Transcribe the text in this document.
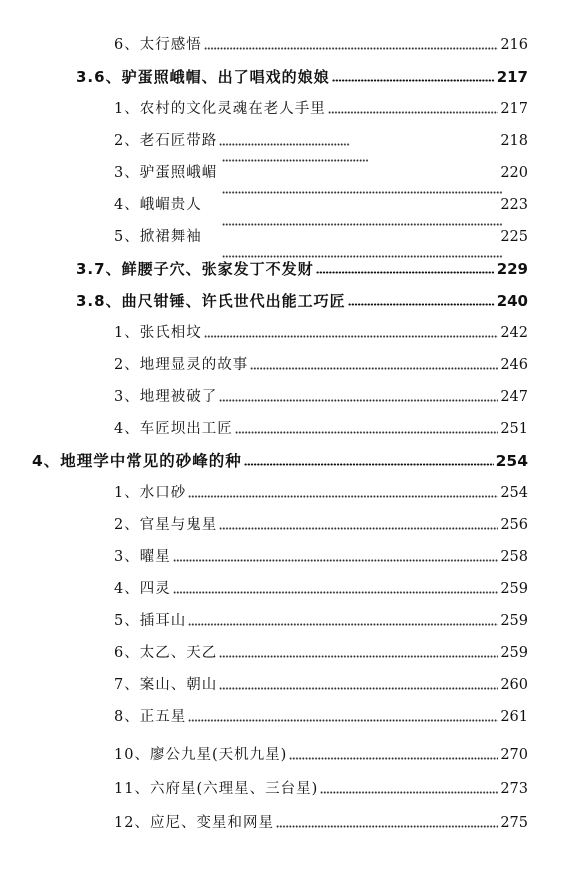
6、太行感悟	216
3.6、驴蛋照峨帽、出了唱戏的娘娘	217
1、农村的文化灵魂在老人手里	217
2、老石匠带路	218
3、驴蛋照峨嵋	220
4、峨嵋贵人	223
5、掀裙舞袖	225
3.7、鲜腰子穴、张家发丁不发财	229
3.8、曲尺钳锤、许氏世代出能工巧匠	240
1、张氏相坟	242
2、地理显灵的故事	246
3、地理被破了	247
4、车匠坝出工匠	251
4、地理学中常见的砂峰的种	254
1、水口砂	254
2、官星与鬼星	256
3、曜星	258
4、四灵	259
5、插耳山	259
6、太乙、天乙	259
7、案山、朝山	260
8、正五星	261
10、廖公九星(天机九星)	270
11、六府星(六理星、三台星)	273
12、应尼、变星和网星	275
